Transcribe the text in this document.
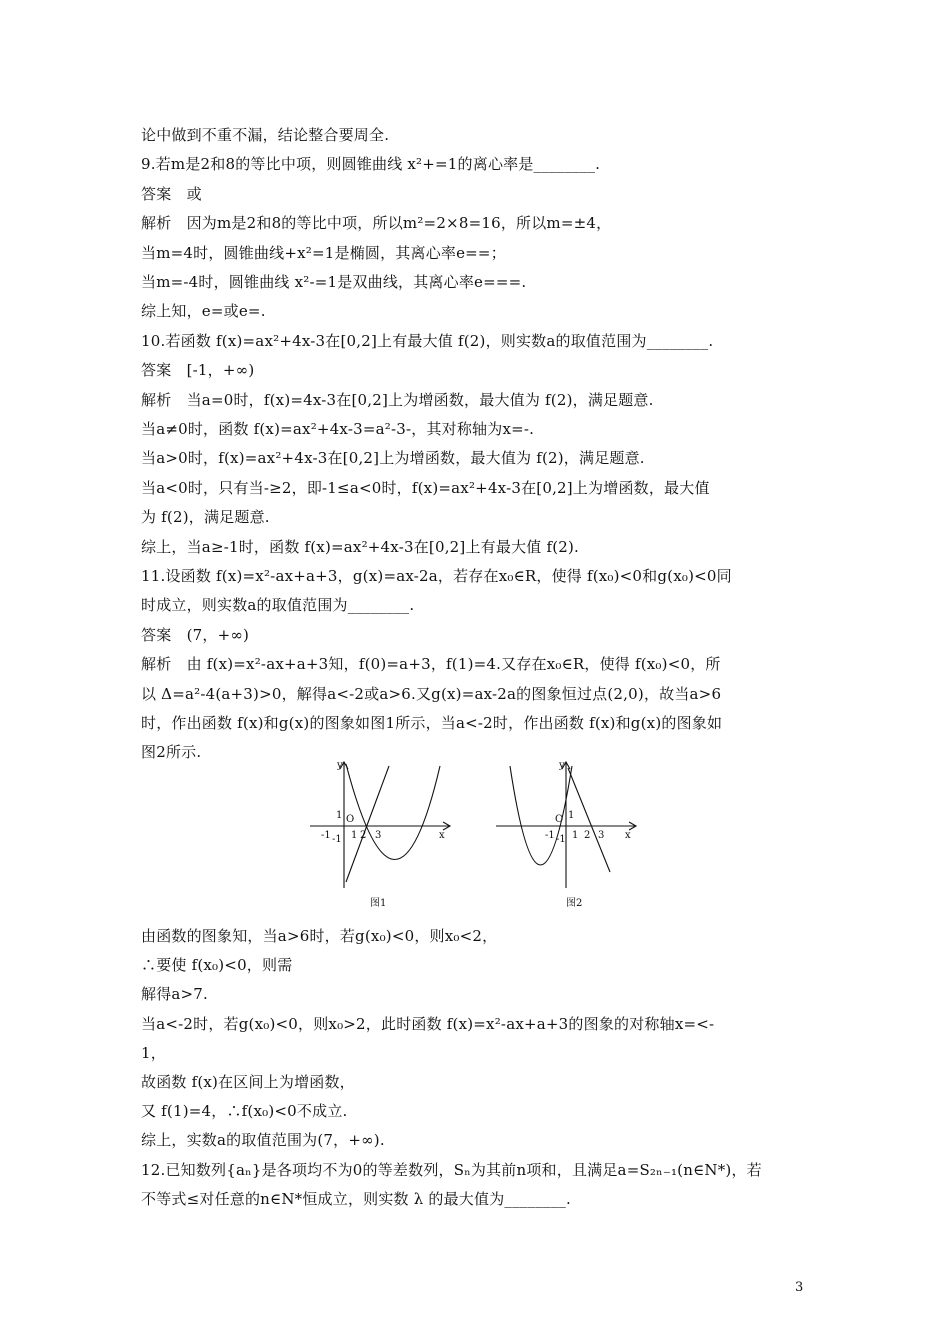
论中做到不重不漏，结论整合要周全.
9.若m是2和8的等比中项，则圆锥曲线 x²+=1的离心率是________.
答案　或
解析　因为m是2和8的等比中项，所以m²=2×8=16，所以m=±4，
当m=4时，圆锥曲线+x²=1是椭圆，其离心率e==；
当m=-4时，圆锥曲线 x²-=1是双曲线，其离心率e===.
综上知，e=或e=.
10.若函数 f(x)=ax²+4x-3在[0,2]上有最大值 f(2)，则实数a的取值范围为________.
答案　[-1，+∞)
解析　当a=0时，f(x)=4x-3在[0,2]上为增函数，最大值为 f(2)，满足题意.
当a≠0时，函数 f(x)=ax²+4x-3=a²-3-，其对称轴为x=-.
当a>0时，f(x)=ax²+4x-3在[0,2]上为增函数，最大值为 f(2)，满足题意.
当a<0时，只有当-≥2，即-1≤a<0时，f(x)=ax²+4x-3在[0,2]上为增函数，最大值
为 f(2)，满足题意.
综上，当a≥-1时，函数 f(x)=ax²+4x-3在[0,2]上有最大值 f(2).
11.设函数 f(x)=x²-ax+a+3，g(x)=ax-2a，若存在x₀∈R，使得 f(x₀)<0和g(x₀)<0同
时成立，则实数a的取值范围为________.
答案　(7，+∞)
解析　由 f(x)=x²-ax+a+3知，f(0)=a+3，f(1)=4.又存在x₀∈R，使得 f(x₀)<0，所
以 Δ=a²-4(a+3)>0，解得a<-2或a>6.又g(x)=ax-2a的图象恒过点(2,0)，故当a>6
时，作出函数 f(x)和g(x)的图象如图1所示，当a<-2时，作出函数 f(x)和g(x)的图象如
图2所示.
由函数的图象知，当a>6时，若g(x₀)<0，则x₀<2，
∴要使 f(x₀)<0，则需
解得a>7.
当a<-2时，若g(x₀)<0，则x₀>2，此时函数 f(x)=x²-ax+a+3的图象的对称轴x=<-
1，
故函数 f(x)在区间上为增函数，
又 f(1)=4，∴f(x₀)<0不成立.
综上，实数a的取值范围为(7，+∞).
12.已知数列{aₙ}是各项均不为0的等差数列，Sₙ为其前n项和，且满足a=S₂ₙ₋₁(n∈N*)，若
不等式≤对任意的n∈N*恒成立，则实数 λ 的最大值为________.
y
x
O
-1 1 2 3
1
-1
图1
y
x
O
-1 1 2 3
1
-1
图2
3
